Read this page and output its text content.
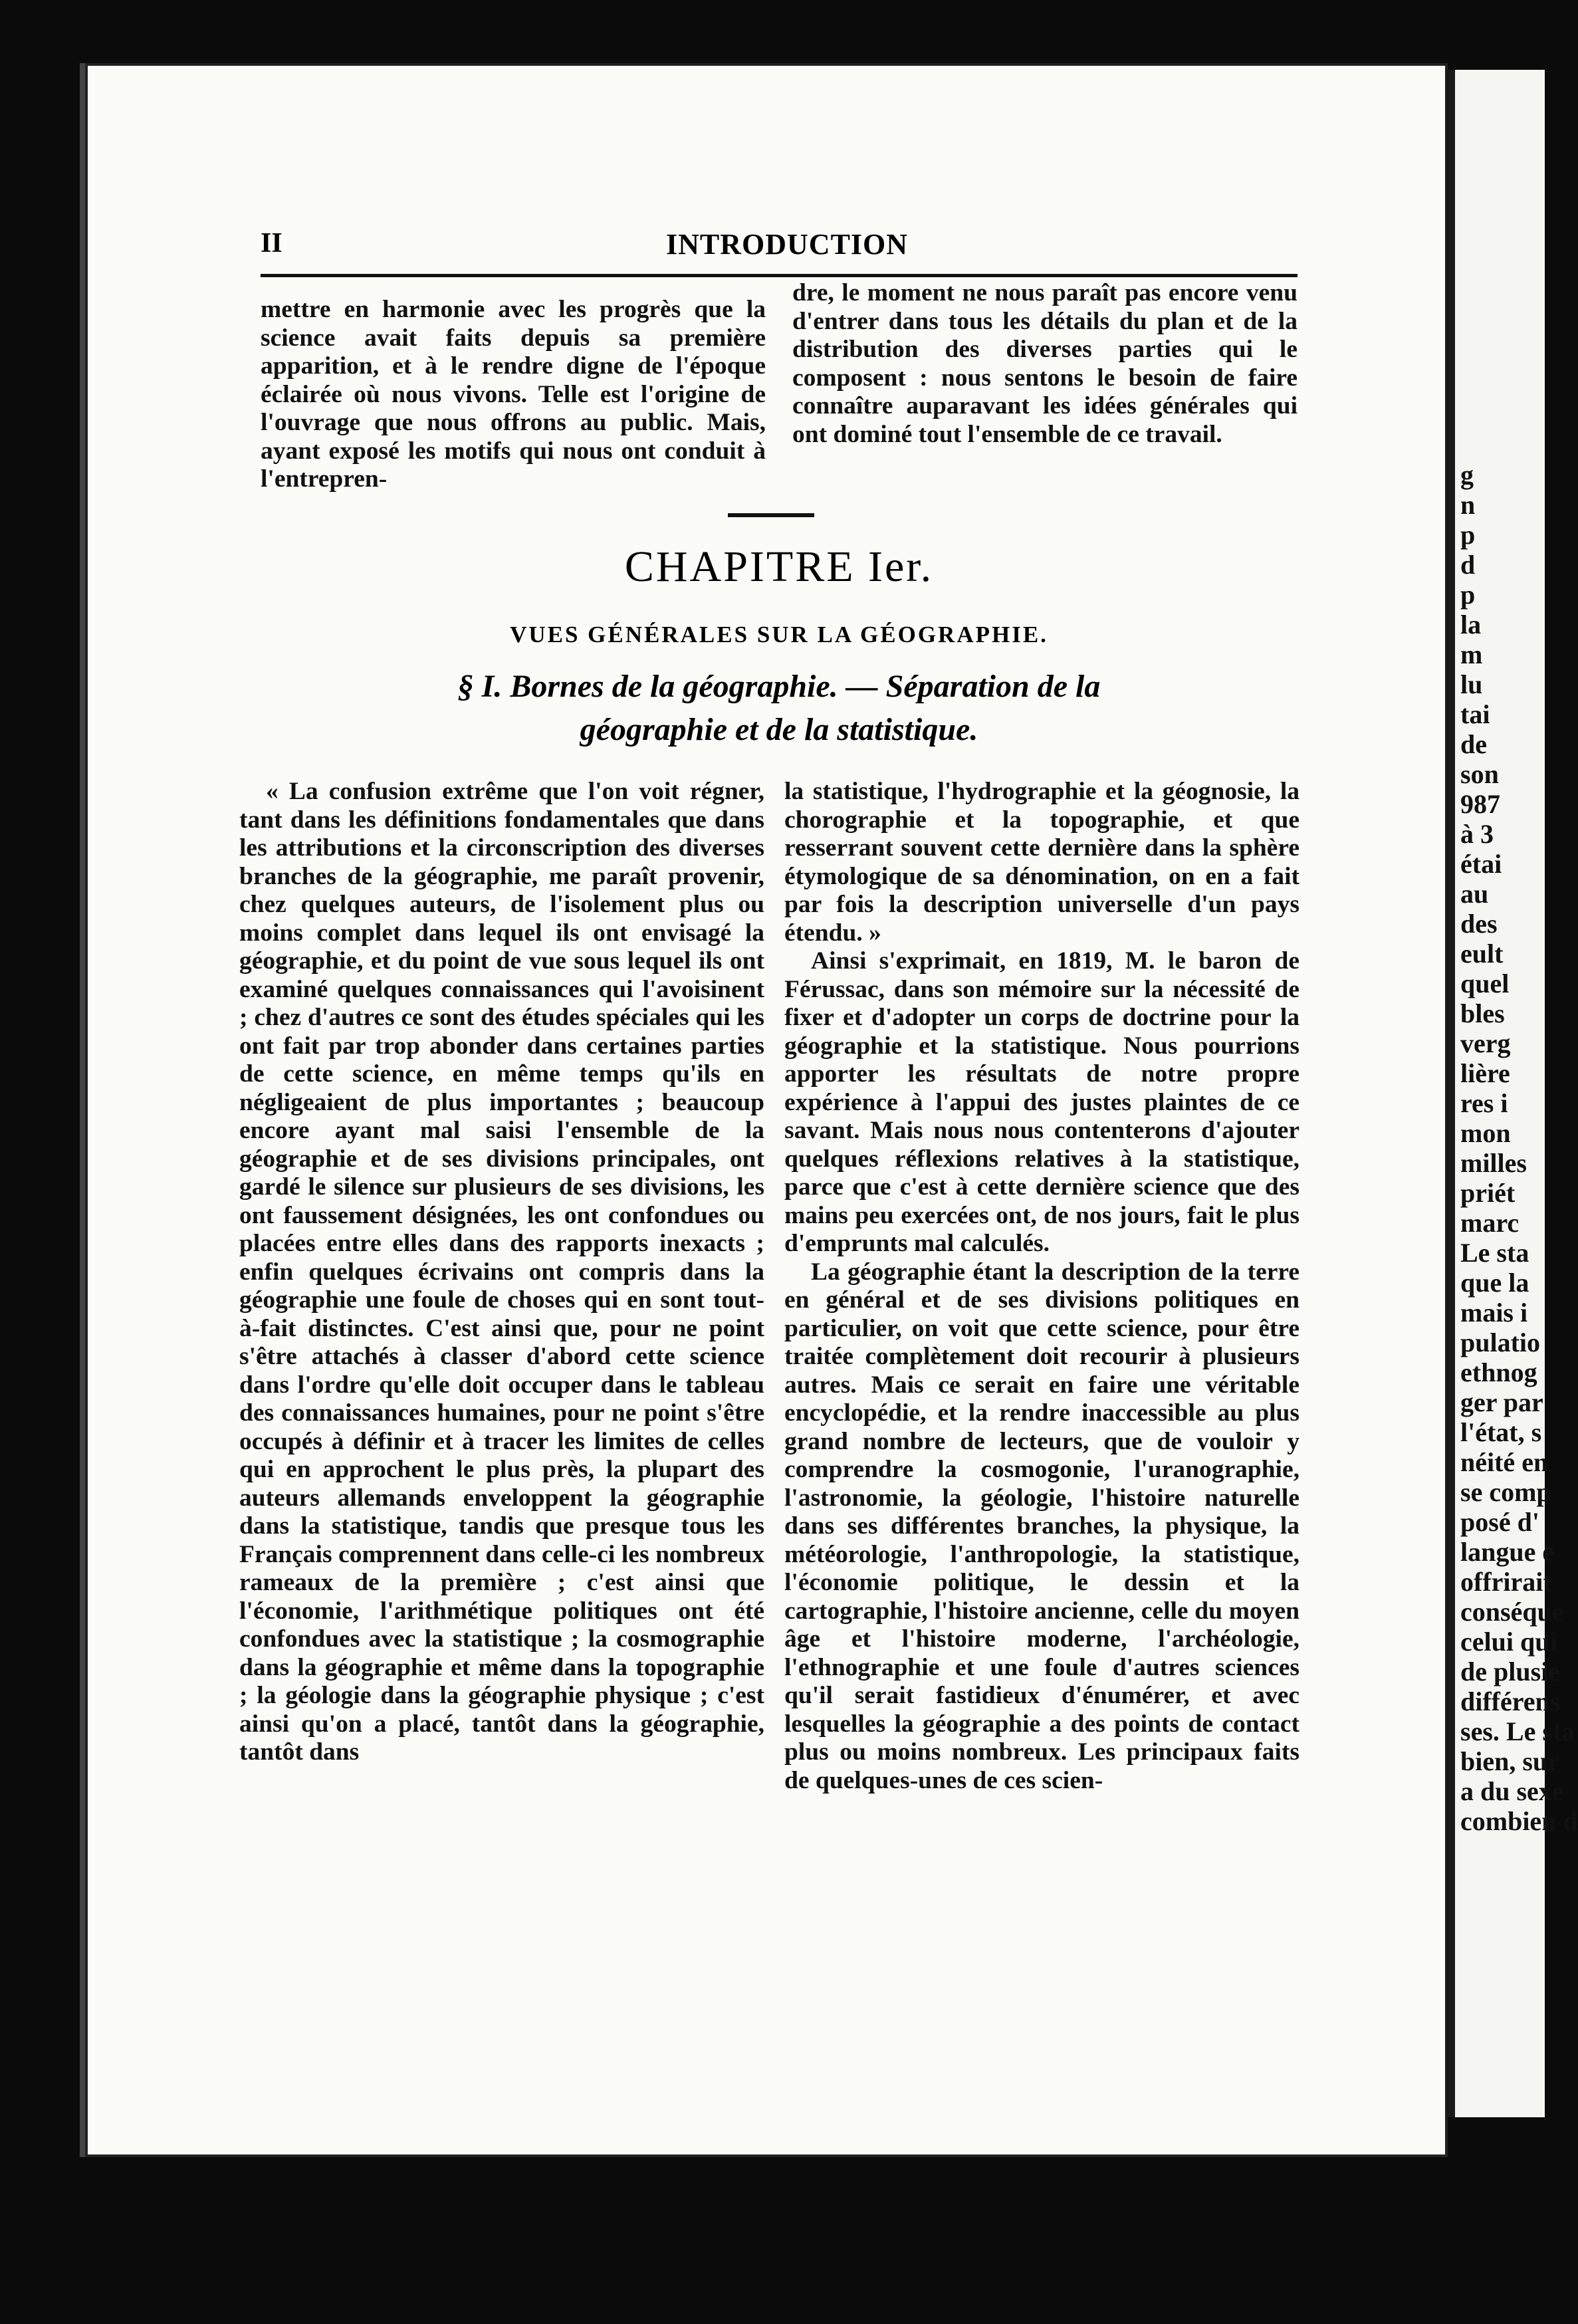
g
n
p
d
p
la
m
lu
tai
de
son
987
à 3
étai
au
des
eult
quel
bles
verg
lière
res i
mon
milles
priét
marc
Le sta
que la
mais i
pulatio
ethnog
ger par
l'état, s
néité en
se comp
posé d'
langue e
offrirait
conséque
celui qui
de plusie
différens
ses. Le sta
bien, sur
a du sexe
combien d
II	INTRODUCTION

mettre en harmonie avec les progrès que la science avait faits depuis sa première apparition, et à le rendre digne de l'époque éclairée où nous vivons. Telle est l'origine de l'ouvrage que nous offrons au public. Mais, ayant exposé les motifs qui nous ont conduit à l'entrepren-

dre, le moment ne nous paraît pas encore venu d'entrer dans tous les détails du plan et de la distribution des diverses parties qui le composent : nous sentons le besoin de faire connaître auparavant les idées générales qui ont dominé tout l'ensemble de ce travail.

CHAPITRE Ier.
VUES GÉNÉRALES SUR LA GÉOGRAPHIE.
§ I. Bornes de la géographie. — Séparation de la
géographie et de la statistique.

« La confusion extrême que l'on voit régner, tant dans les définitions fondamentales que dans les attributions et la circonscription des diverses branches de la géographie, me paraît provenir, chez quelques auteurs, de l'isolement plus ou moins complet dans lequel ils ont envisagé la géographie, et du point de vue sous lequel ils ont examiné quelques connaissances qui l'avoisinent ; chez d'autres ce sont des études spéciales qui les ont fait par trop abonder dans certaines parties de cette science, en même temps qu'ils en négligeaient de plus importantes ; beaucoup encore ayant mal saisi l'ensemble de la géographie et de ses divisions principales, ont gardé le silence sur plusieurs de ses divisions, les ont faussement désignées, les ont confondues ou placées entre elles dans des rapports inexacts ; enfin quelques écrivains ont compris dans la géographie une foule de choses qui en sont tout-à-fait distinctes. C'est ainsi que, pour ne point s'être attachés à classer d'abord cette science dans l'ordre qu'elle doit occuper dans le tableau des connaissances humaines, pour ne point s'être occupés à définir et à tracer les limites de celles qui en approchent le plus près, la plupart des auteurs allemands enveloppent la géographie dans la statistique, tandis que presque tous les Français comprennent dans celle-ci les nombreux rameaux de la première ; c'est ainsi que l'économie, l'arithmétique politiques ont été confondues avec la statistique ; la cosmographie dans la géographie et même dans la topographie ; la géologie dans la géographie physique ; c'est ainsi qu'on a placé, tantôt dans la géographie, tantôt dans

la statistique, l'hydrographie et la géognosie, la chorographie et la topographie, et que resserrant souvent cette dernière dans la sphère étymologique de sa dénomination, on en a fait par fois la description universelle d'un pays étendu. »

Ainsi s'exprimait, en 1819, M. le baron de Férussac, dans son mémoire sur la nécessité de fixer et d'adopter un corps de doctrine pour la géographie et la statistique. Nous pourrions apporter les résultats de notre propre expérience à l'appui des justes plaintes de ce savant. Mais nous nous contenterons d'ajouter quelques réflexions relatives à la statistique, parce que c'est à cette dernière science que des mains peu exercées ont, de nos jours, fait le plus d'emprunts mal calculés.

La géographie étant la description de la terre en général et de ses divisions politiques en particulier, on voit que cette science, pour être traitée complètement doit recourir à plusieurs autres. Mais ce serait en faire une véritable encyclopédie, et la rendre inaccessible au plus grand nombre de lecteurs, que de vouloir y comprendre la cosmogonie, l'uranographie, l'astronomie, la géologie, l'histoire naturelle dans ses différentes branches, la physique, la météorologie, l'anthropologie, la statistique, l'économie politique, le dessin et la cartographie, l'histoire ancienne, celle du moyen âge et l'histoire moderne, l'archéologie, l'ethnographie et une foule d'autres sciences qu'il serait fastidieux d'énumérer, et avec lesquelles la géographie a des points de contact plus ou moins nombreux. Les principaux faits de quelques-unes de ces scien-
